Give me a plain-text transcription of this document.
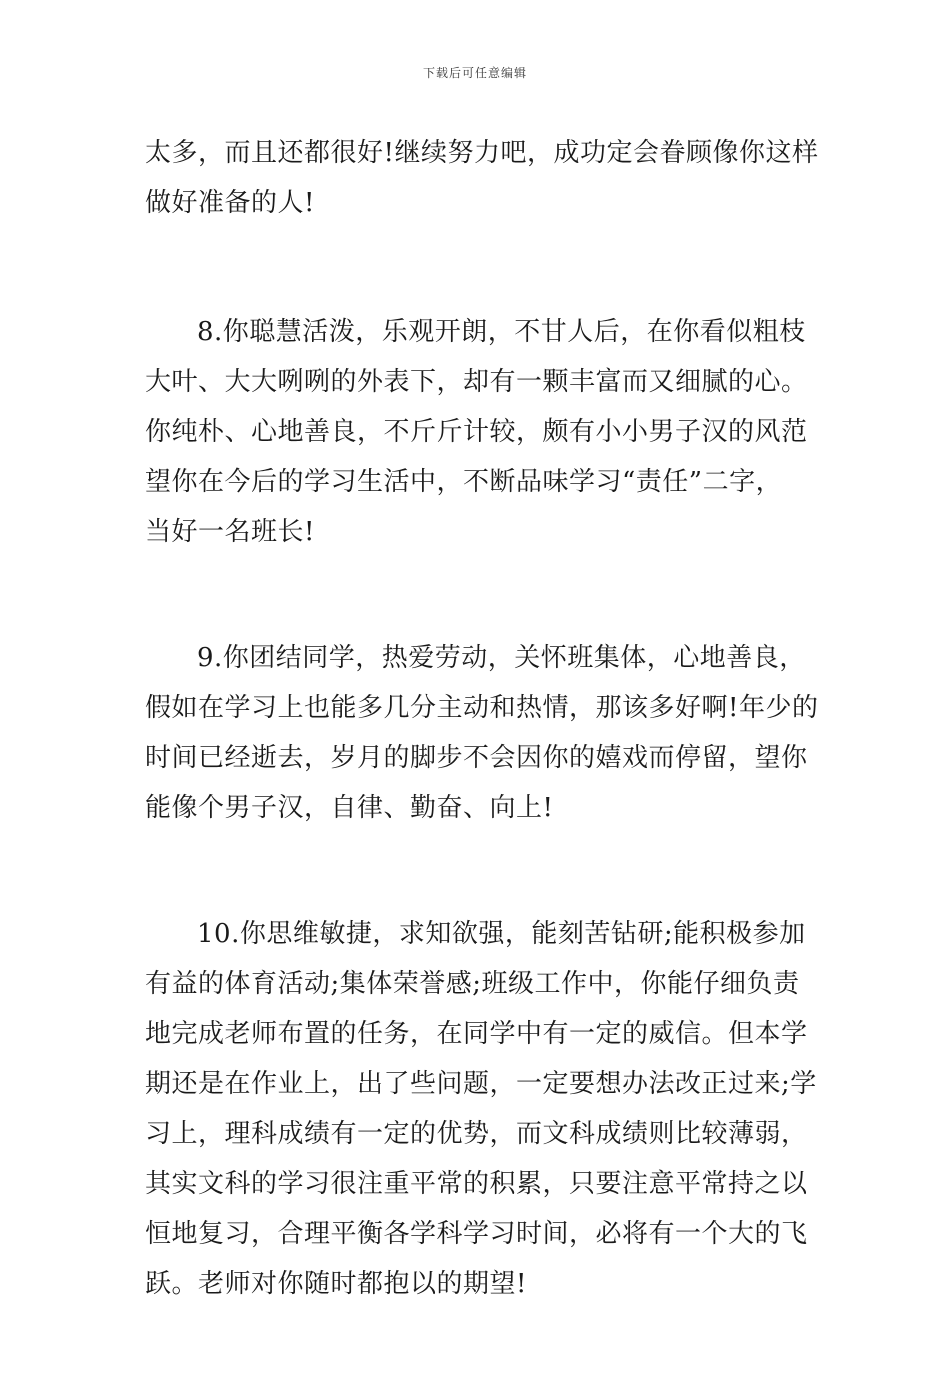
下载后可任意编辑
太多，而且还都很好!继续努力吧，成功定会眷顾像你这样
做好准备的人!
8.你聪慧活泼，乐观开朗，不甘人后，在你看似粗枝
大叶、大大咧咧的外表下，却有一颗丰富而又细腻的心。
你纯朴、心地善良，不斤斤计较，颇有小小男子汉的风范
望你在今后的学习生活中，不断品味学习“责任”二字，
当好一名班长!
9.你团结同学，热爱劳动，关怀班集体，心地善良，
假如在学习上也能多几分主动和热情，那该多好啊!年少的
时间已经逝去，岁月的脚步不会因你的嬉戏而停留，望你
能像个男子汉，自律、勤奋、向上!
10.你思维敏捷，求知欲强，能刻苦钻研;能积极参加
有益的体育活动;集体荣誉感;班级工作中，你能仔细负责
地完成老师布置的任务，在同学中有一定的威信。但本学
期还是在作业上，出了些问题，一定要想办法改正过来;学
习上，理科成绩有一定的优势，而文科成绩则比较薄弱，
其实文科的学习很注重平常的积累，只要注意平常持之以
恒地复习，合理平衡各学科学习时间，必将有一个大的飞
跃。老师对你随时都抱以的期望!
